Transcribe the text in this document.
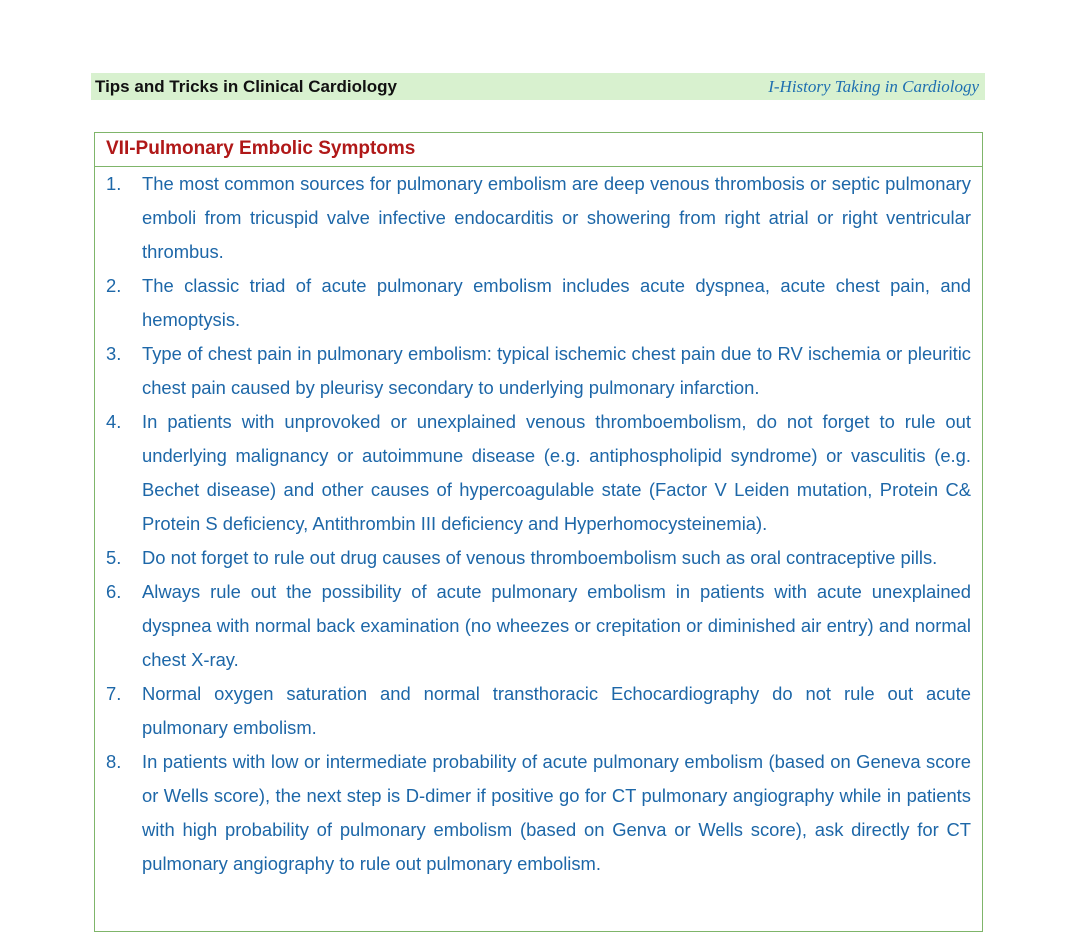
Tips and Tricks in Clinical Cardiology	I-History Taking in Cardiology
VII-Pulmonary Embolic Symptoms
1.	The most common sources for pulmonary embolism are deep venous thrombosis or septic pulmonary emboli from tricuspid valve infective endocarditis or showering from right atrial or right ventricular thrombus.
2.	The classic triad of acute pulmonary embolism includes acute dyspnea, acute chest pain, and hemoptysis.
3.	Type of chest pain in pulmonary embolism: typical ischemic chest pain due to RV ischemia or pleuritic chest pain caused by pleurisy secondary to underlying pulmonary infarction.
4.	In patients with unprovoked or unexplained venous thromboembolism, do not forget to rule out underlying malignancy or autoimmune disease (e.g. antiphospholipid syndrome) or vasculitis (e.g. Bechet disease) and other causes of hypercoagulable state (Factor V Leiden mutation, Protein C& Protein S deficiency, Antithrombin III deficiency and Hyperhomocysteinemia).
5.	Do not forget to rule out drug causes of venous thromboembolism such as oral contraceptive pills.
6.	Always rule out the possibility of acute pulmonary embolism in patients with acute unexplained dyspnea with normal back examination (no wheezes or crepitation or diminished air entry) and normal chest X-ray.
7.	Normal oxygen saturation and normal transthoracic Echocardiography do not rule out acute pulmonary embolism.
8.	In patients with low or intermediate probability of acute pulmonary embolism (based on Geneva score or Wells score), the next step is D-dimer if positive go for CT pulmonary angiography while in patients with high probability of pulmonary embolism (based on Genva or Wells score), ask directly for CT pulmonary angiography to rule out pulmonary embolism.
